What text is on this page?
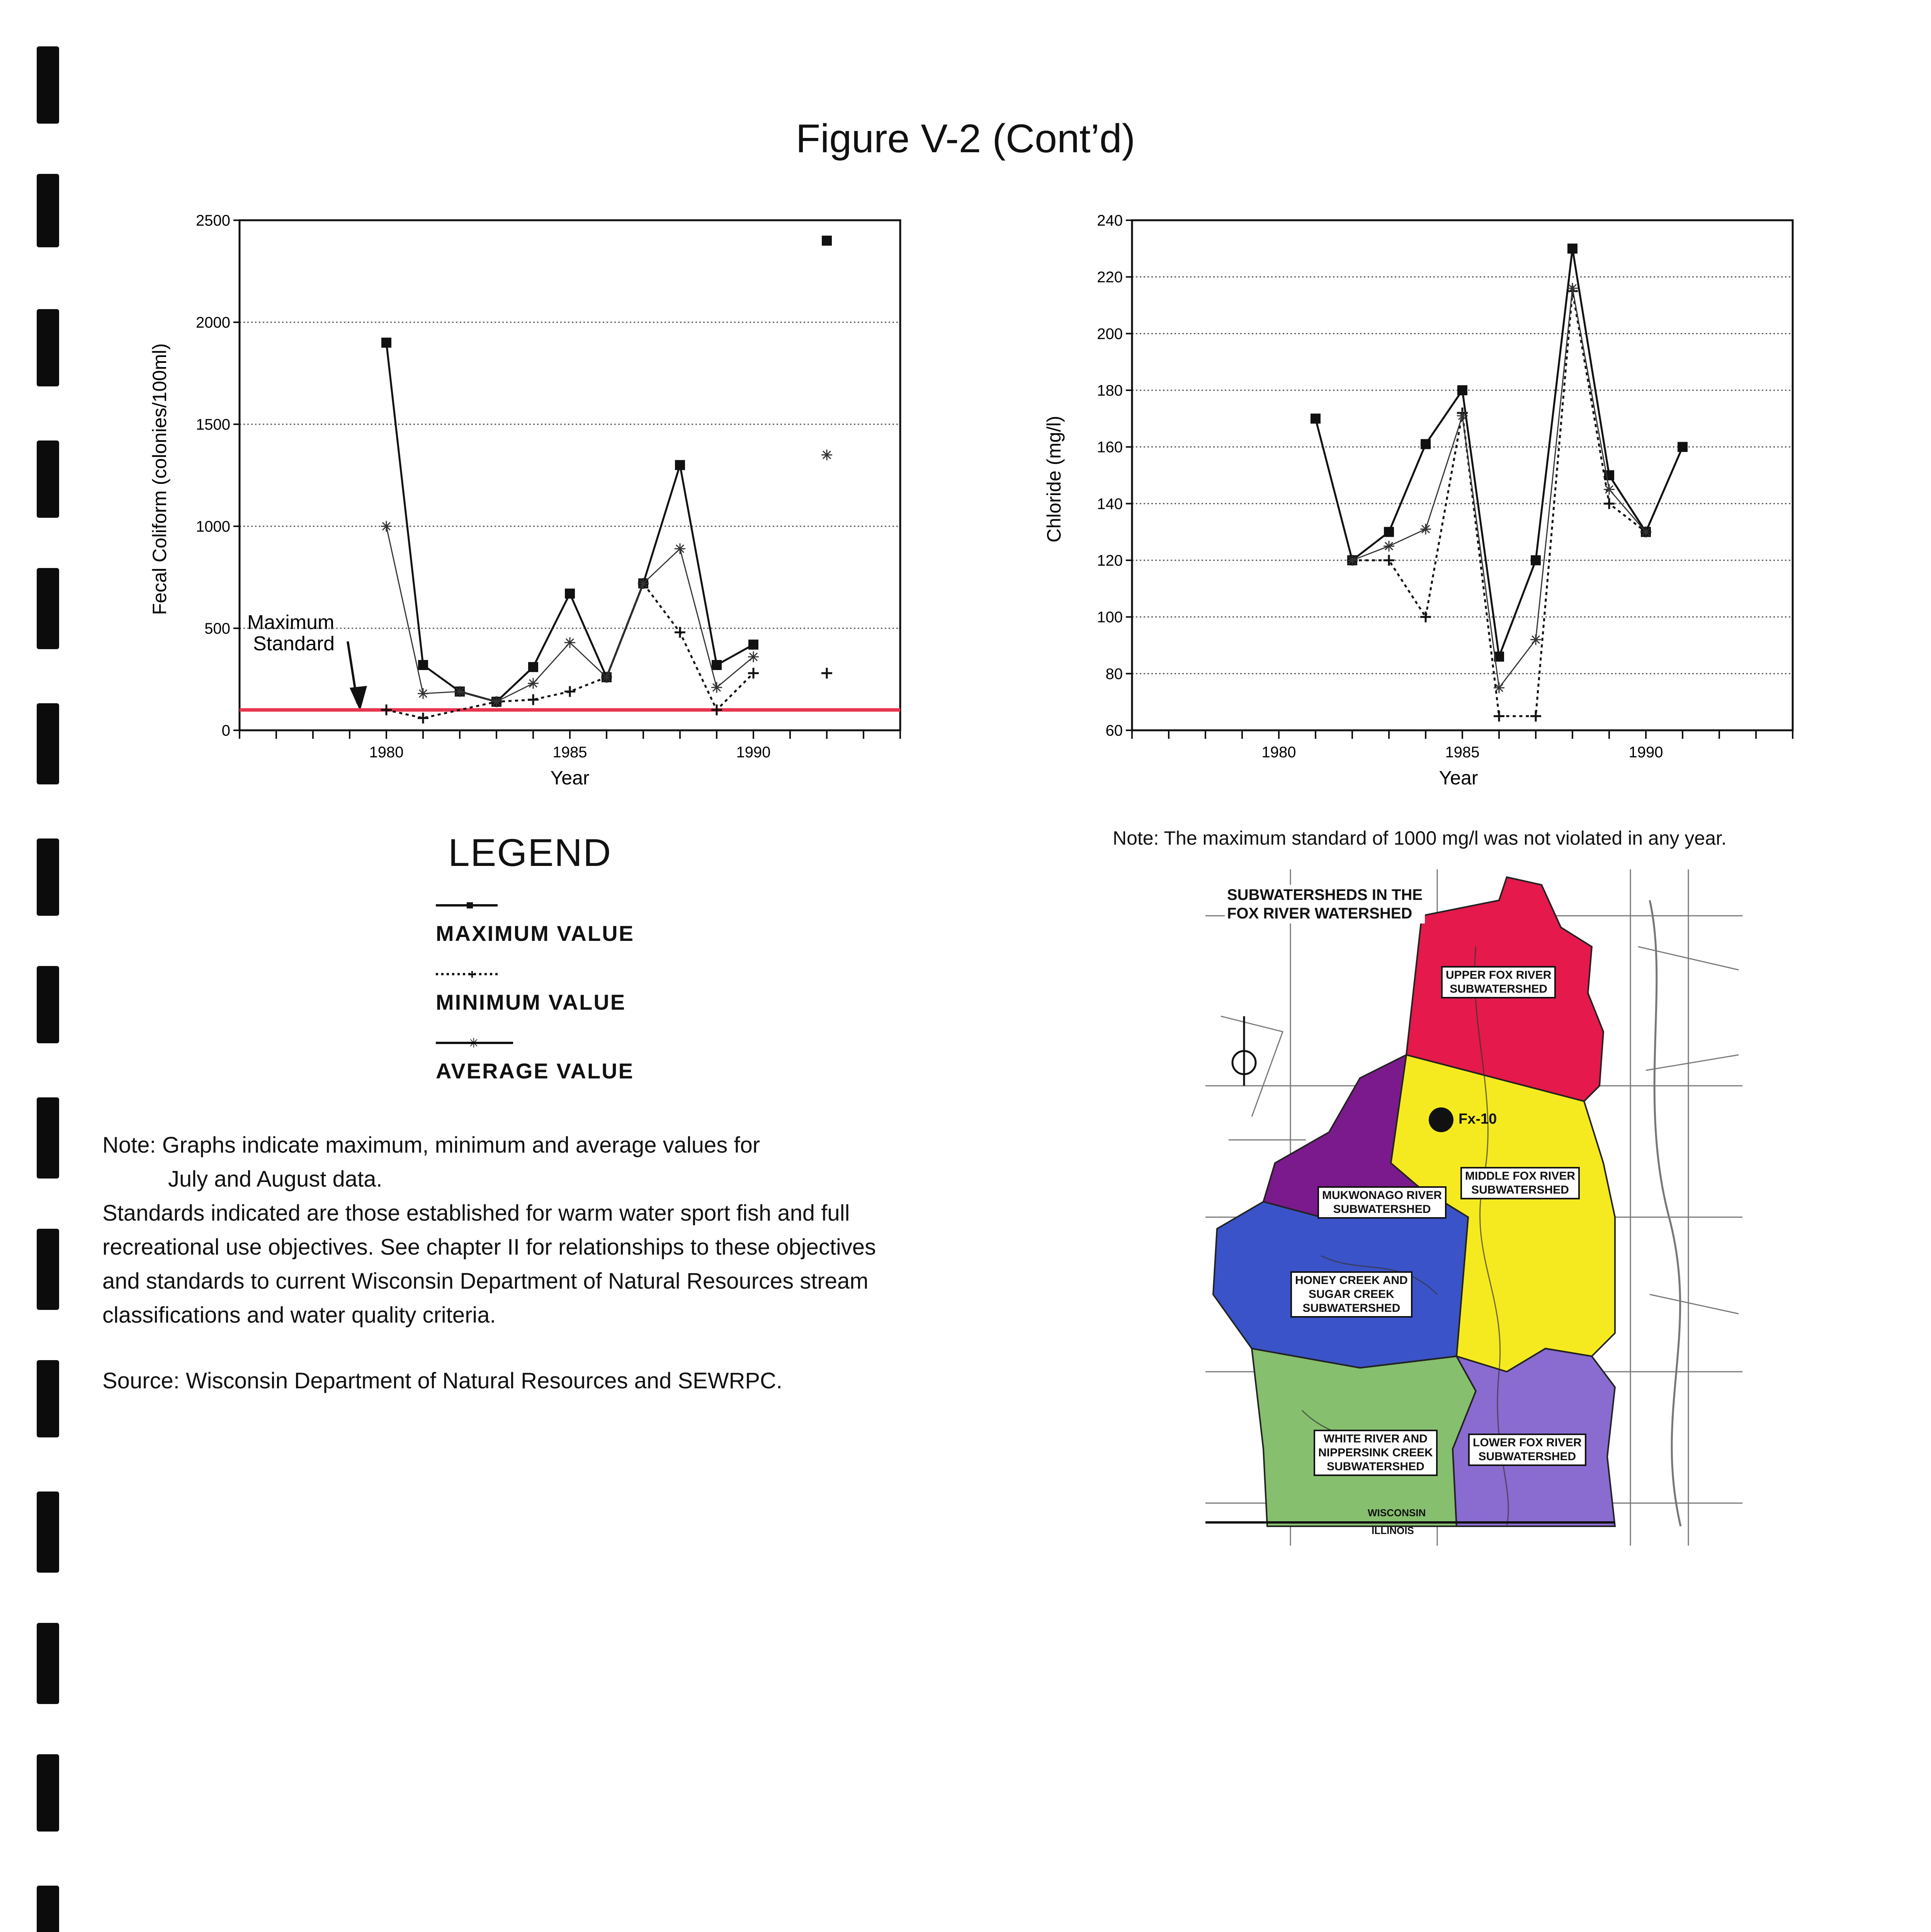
Figure V-2 (Cont’d)
Fecal Coliform (colonies/100ml)
Year
Maximum
Standard
0
500
1000
1500
2000
2500
1980	1985	1990
Chloride (mg/l)
Year
60
80
100
120
140
160
180
200
220
240
1980	1985	1990
Note: The maximum standard of 1000 mg/l was not violated in any year.
LEGEND
MAXIMUM VALUE
+
MINIMUM VALUE
✳
AVERAGE VALUE
Note: Graphs indicate maximum, minimum and average values for
July and August data.
Standards indicated are those established for warm water sport fish and full
recreational use objectives. See chapter II for relationships to these objectives
and standards to current Wisconsin Department of Natural Resources stream
classifications and water quality criteria.
Source: Wisconsin Department of Natural Resources and SEWRPC.
SUBWATERSHEDS IN THE
FOX RIVER WATERSHED
Fx-10
UPPER FOX RIVER
SUBWATERSHED
MIDDLE FOX RIVER
SUBWATERSHED
MUKWONAGO RIVER
SUBWATERSHED
HONEY CREEK AND
SUGAR CREEK
SUBWATERSHED
WHITE RIVER AND
NIPPERSINK CREEK
SUBWATERSHED
LOWER FOX RIVER
SUBWATERSHED
WISCONSIN
ILLINOIS
